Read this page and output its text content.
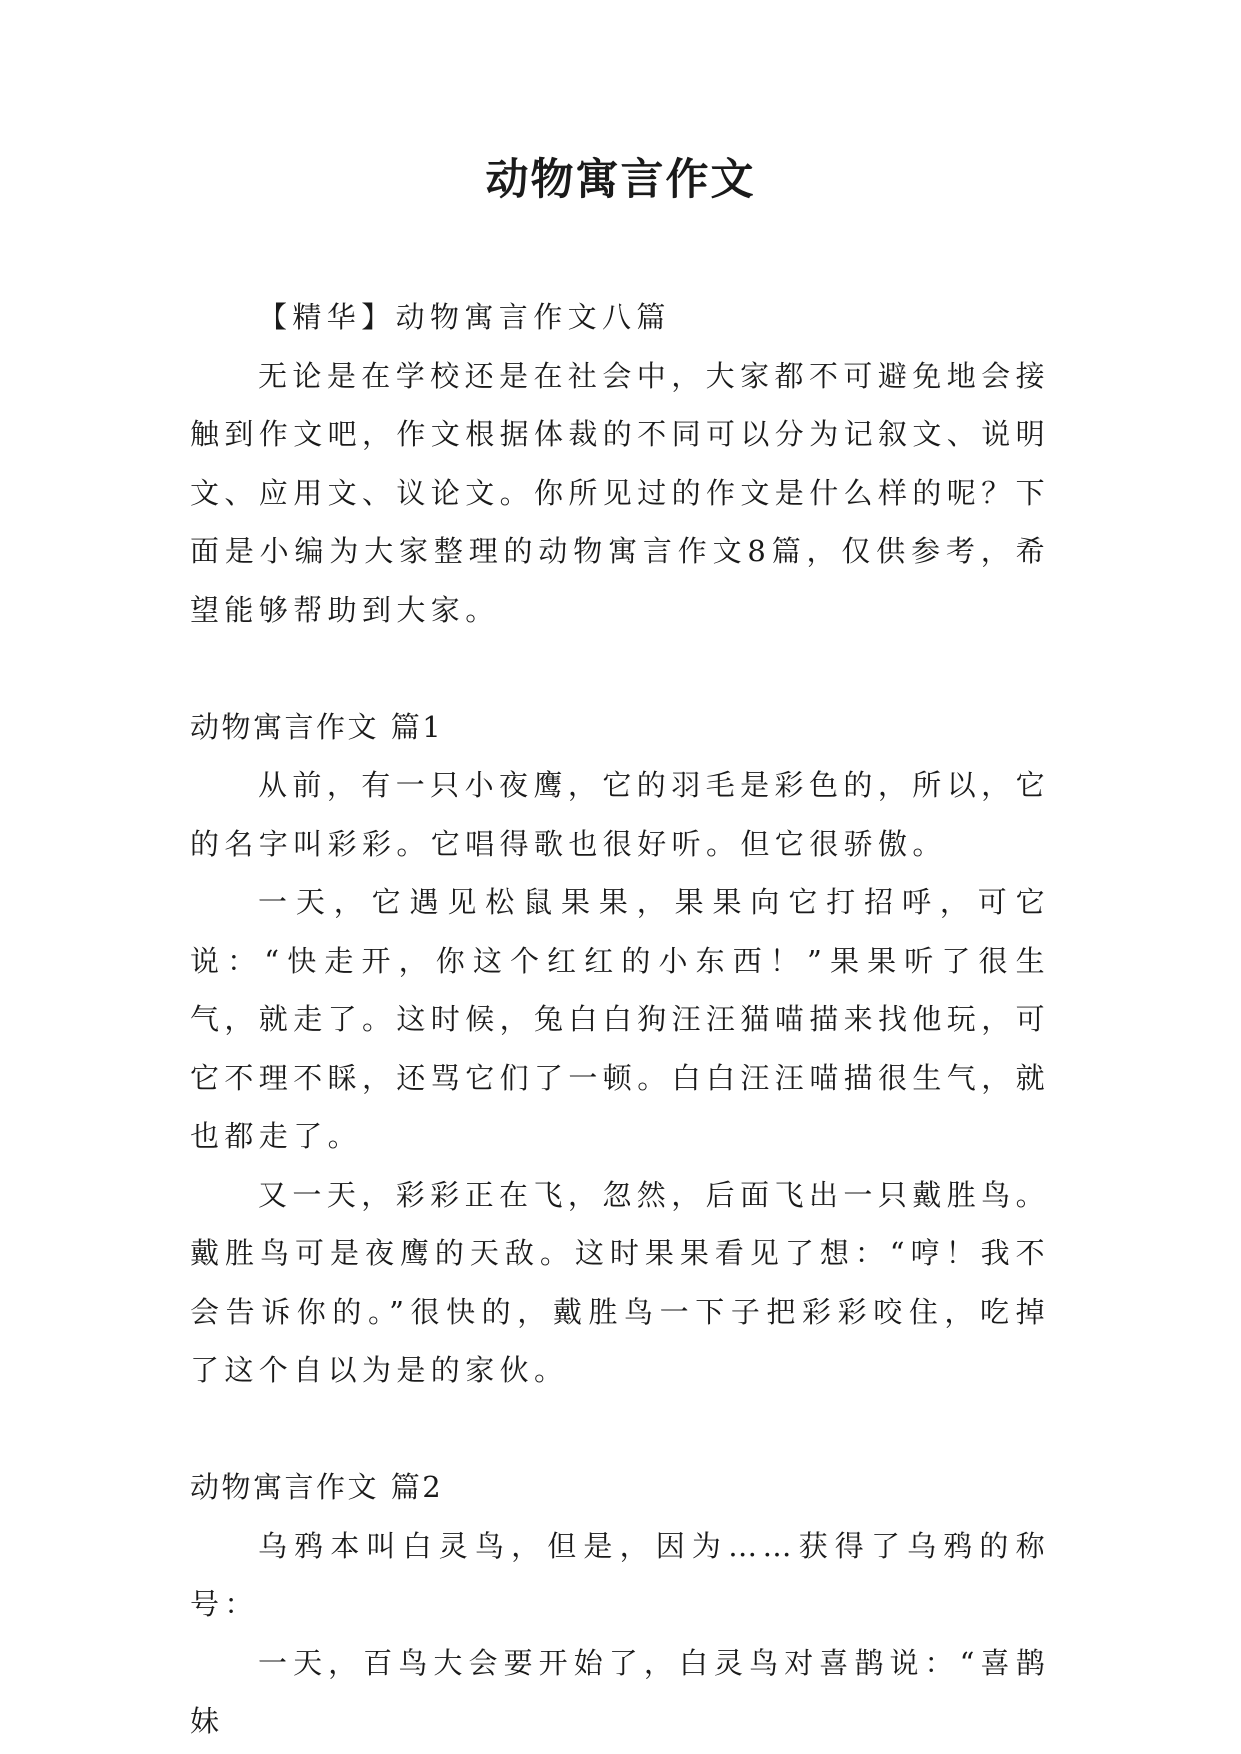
动物寓言作文

【精华】动物寓言作文八篇

无论是在学校还是在社会中，大家都不可避免地会接触到作文吧，作文根据体裁的不同可以分为记叙文、说明文、应用文、议论文。你所见过的作文是什么样的呢？下面是小编为大家整理的动物寓言作文8篇，仅供参考，希望能够帮助到大家。

动物寓言作文 篇1

从前，有一只小夜鹰，它的羽毛是彩色的，所以，它的名字叫彩彩。它唱得歌也很好听。但它很骄傲。

一天，它遇见松鼠果果，果果向它打招呼，可它说：“快走开，你这个红红的小东西！”果果听了很生气，就走了。这时候，兔白白狗汪汪猫喵描来找他玩，可它不理不睬，还骂它们了一顿。白白汪汪喵描很生气，就也都走了。

又一天，彩彩正在飞，忽然，后面飞出一只戴胜鸟。戴胜鸟可是夜鹰的天敌。这时果果看见了想：“哼！我不会告诉你的。”很快的，戴胜鸟一下子把彩彩咬住，吃掉了这个自以为是的家伙。

动物寓言作文 篇2

乌鸦本叫白灵鸟，但是，因为……获得了乌鸦的称号：

一天，百鸟大会要开始了，白灵鸟对喜鹊说：“喜鹊妹
